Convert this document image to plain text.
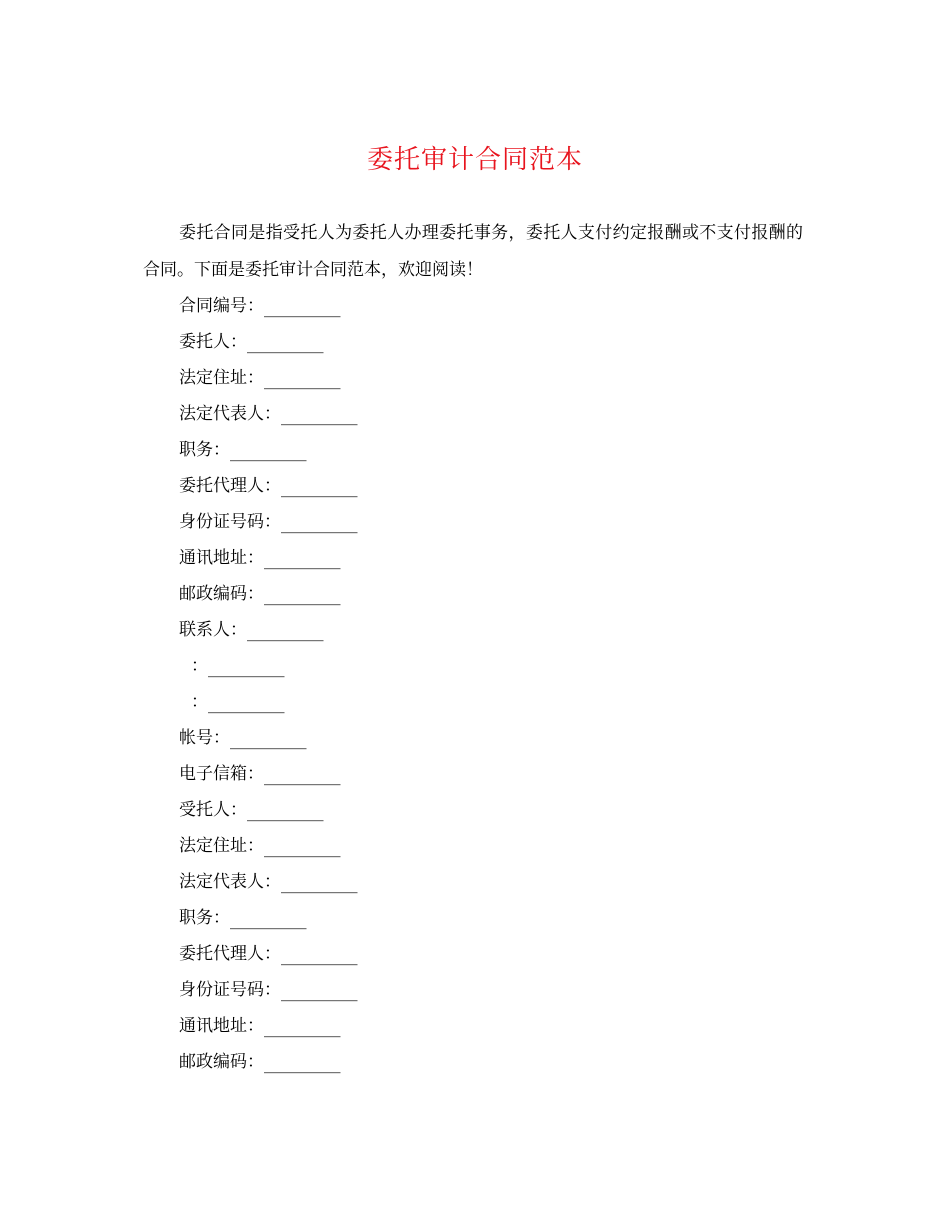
委托审计合同范本

委托合同是指受托人为委托人办理委托事务，委托人支付约定报酬或不支付报酬的合同。下面是委托审计合同范本，欢迎阅读！

合同编号：_________
委托人：_________
法定住址：_________
法定代表人：_________
职务：_________
委托代理人：_________
身份证号码：_________
通讯地址：_________
邮政编码：_________
联系人：_________
：_________
：_________
帐号：_________
电子信箱：_________
受托人：_________
法定住址：_________
法定代表人：_________
职务：_________
委托代理人：_________
身份证号码：_________
通讯地址：_________
邮政编码：_________
